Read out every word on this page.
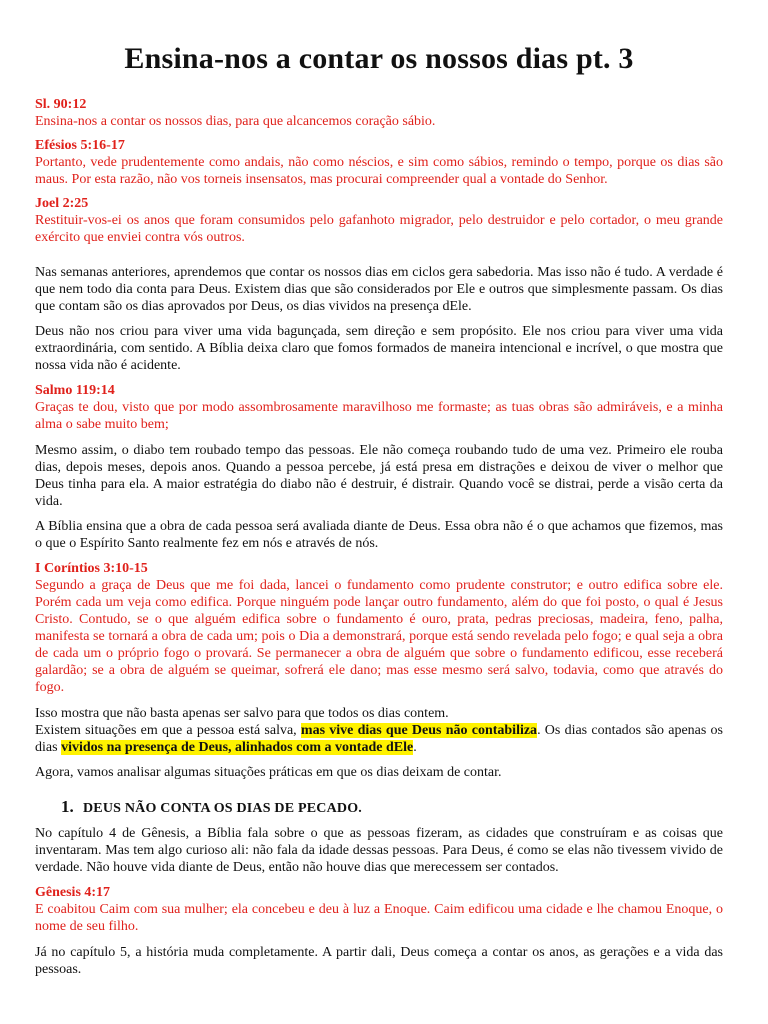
Ensina-nos a contar os nossos dias pt. 3

Sl. 90:12

Ensina-nos a contar os nossos dias, para que alcancemos coração sábio.

Efésios 5:16-17

Portanto, vede prudentemente como andais, não como néscios, e sim como sábios, remindo o tempo, porque os dias são maus. Por esta razão, não vos torneis insensatos, mas procurai compreender qual a vontade do Senhor.

Joel 2:25

Restituir-vos-ei os anos que foram consumidos pelo gafanhoto migrador, pelo destruidor e pelo cortador, o meu grande exército que enviei contra vós outros.

Nas semanas anteriores, aprendemos que contar os nossos dias em ciclos gera sabedoria. Mas isso não é tudo. A verdade é que nem todo dia conta para Deus. Existem dias que são considerados por Ele e outros que simplesmente passam. Os dias que contam são os dias aprovados por Deus, os dias vividos na presença dEle.

Deus não nos criou para viver uma vida bagunçada, sem direção e sem propósito. Ele nos criou para viver uma vida extraordinária, com sentido. A Bíblia deixa claro que fomos formados de maneira intencional e incrível, o que mostra que nossa vida não é acidente.

Salmo 119:14

Graças te dou, visto que por modo assombrosamente maravilhoso me formaste; as tuas obras são admiráveis, e a minha alma o sabe muito bem;

Mesmo assim, o diabo tem roubado tempo das pessoas. Ele não começa roubando tudo de uma vez. Primeiro ele rouba dias, depois meses, depois anos. Quando a pessoa percebe, já está presa em distrações e deixou de viver o melhor que Deus tinha para ela. A maior estratégia do diabo não é destruir, é distrair. Quando você se distrai, perde a visão certa da vida.

A Bíblia ensina que a obra de cada pessoa será avaliada diante de Deus. Essa obra não é o que achamos que fizemos, mas o que o Espírito Santo realmente fez em nós e através de nós.

I Coríntios 3:10-15

Segundo a graça de Deus que me foi dada, lancei o fundamento como prudente construtor; e outro edifica sobre ele. Porém cada um veja como edifica. Porque ninguém pode lançar outro fundamento, além do que foi posto, o qual é Jesus Cristo. Contudo, se o que alguém edifica sobre o fundamento é ouro, prata, pedras preciosas, madeira, feno, palha, manifesta se tornará a obra de cada um; pois o Dia a demonstrará, porque está sendo revelada pelo fogo; e qual seja a obra de cada um o próprio fogo o provará. Se permanecer a obra de alguém que sobre o fundamento edificou, esse receberá galardão; se a obra de alguém se queimar, sofrerá ele dano; mas esse mesmo será salvo, todavia, como que através do fogo.

Isso mostra que não basta apenas ser salvo para que todos os dias contem.

Existem situações em que a pessoa está salva, mas vive dias que Deus não contabiliza. Os dias contados são apenas os dias vividos na presença de Deus, alinhados com a vontade dEle.

Agora, vamos analisar algumas situações práticas em que os dias deixam de contar.

1. DEUS NÃO CONTA OS DIAS DE PECADO.

No capítulo 4 de Gênesis, a Bíblia fala sobre o que as pessoas fizeram, as cidades que construíram e as coisas que inventaram. Mas tem algo curioso ali: não fala da idade dessas pessoas. Para Deus, é como se elas não tivessem vivido de verdade. Não houve vida diante de Deus, então não houve dias que merecessem ser contados.

Gênesis 4:17

E coabitou Caim com sua mulher; ela concebeu e deu à luz a Enoque. Caim edificou uma cidade e lhe chamou Enoque, o nome de seu filho.

Já no capítulo 5, a história muda completamente. A partir dali, Deus começa a contar os anos, as gerações e a vida das pessoas.
